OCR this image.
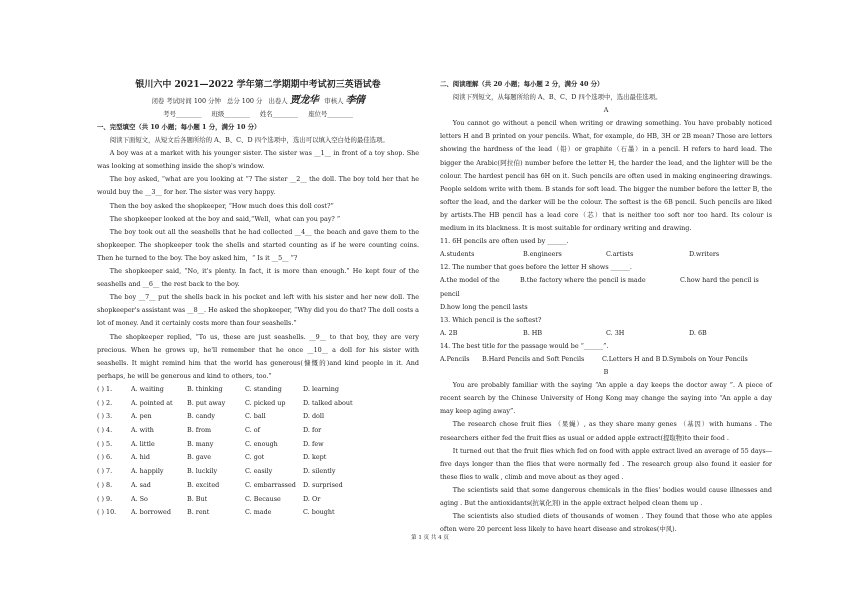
银川六中 2021—2022 学年第二学期期中考试初三英语试卷
闭卷 考试时间 100 分钟 总分 100 分 出卷人 贾龙华 审核人 李倩
考号________ 班级________ 姓名________ 座位号________
一、完型填空（共 10 小题；每小题 1 分，满分 10 分）

阅读下面短文，从短文后各题所给的 A、B、C、D 四个选项中，选出可以填入空白处的最佳选项。

A boy was at a market with his younger sister. The sister was __1__ in front of a toy shop. She was looking at something inside the shop's window.

The boy asked, “what are you looking at ”? The sister __2__ the doll. The boy told her that he would buy the __3__ for her. The sister was very happy.

Then the boy asked the shopkeeper, “How much does this doll cost?”

The shopkeeper looked at the boy and said,“Well，what can you pay? ”

The boy took out all the seashells that he had collected __4__ the beach and gave them to the shopkeeper. The shopkeeper took the shells and started counting as if he were counting coins. Then he turned to the boy. The boy asked him，“ Is it __5__ ”?

The shopkeeper said, “No, it's plenty. In fact, it is more than enough.” He kept four of the seashells and __6__ the rest back to the boy.

The boy __7__ put the shells back in his pocket and left with his sister and her new doll. The shopkeeper's assistant was __8__. He asked the shopkeeper, “Why did you do that? The doll costs a lot of money. And it certainly costs more than four seashells.”

The shopkeeper replied, “To us, these are just seashells. __9__ to that boy, they are very precious. When he grows up, he'll remember that he once __10__ a doll for his sister with seashells. It might remind him that the world has generous(慷慨的)and kind people in it. And perhaps, he will be generous and kind to others, too.”

( ) 1.	A. waiting	B. thinking	C. standing	D. learning
( ) 2.	A. pointed at	B. put away	C. picked up	D. talked about
( ) 3.	A. pen	B. candy	C. ball	D. doll
( ) 4.	A. with	B. from	C. of	D. for
( ) 5.	A. little	B. many	C. enough	D. few
( ) 6.	A. hid	B. gave	C. got	D. kept
( ) 7.	A. happily	B. luckily	C. easily	D. silently
( ) 8.	A. sad	B. excited	C. embarrassed	D. surprised
( ) 9.	A. So	B. But	C. Because	D. Or
( ) 10.	A. borrowed	B. rent	C. made	C. bought
二、阅读理解（共 20 小题；每小题 2 分，满分 40 分）

阅读下列短文，从每题所给的 A、B、C、D 四个选项中，选出最佳选项。

A

You cannot go without a pencil when writing or drawing something. You have probably noticed letters H and B printed on your pencils. What, for example, do HB, 3H or 2B mean? Those are letters showing the hardness of the lead（铅）or graphite（石墨）in a pencil. H refers to hard lead. The bigger the Arabic(阿拉伯) number before the letter H, the harder the lead, and the lighter will be the colour. The hardest pencil has 6H on it. Such pencils are often used in making engineering drawings. People seldom write with them. B stands for soft lead. The bigger the number before the letter B, the softer the lead, and the darker will be the colour. The softest is the 6B pencil. Such pencils are liked by artists.The HB pencil has a lead core（芯）that is neither too soft nor too hard. Its colour is medium in its blackness. It is most suitable for ordinary writing and drawing.

11. 6H pencils are often used by ______.
A.students	B.engineers	C.artists	D.writers
12. The number that goes before the letter H shows ______.
A.the model of the pencil
B.the factory where the pencil is made	C.how hard the pencil is
D.how long the pencil lasts
13. Which pencil is the softest?
A. 2B	B. HB	C. 3H	D. 6B
14. The best title for the passage would be “______”.
A.Pencils	B.Hard Pencils and Soft Pencils	C.Letters H and B D.Symbols on Your Pencils

B

You are probably familiar with the saying “An apple a day keeps the doctor away ”. A piece of recent search by the Chinese University of Hong Kong may change the saying into “An apple a day may keep aging away”.

The research chose fruit flies （果蝇）, as they share many genes （基因）with humans . The researchers either fed the fruit flies as usual or added apple extract(提取物)to their food .

It turned out that the fruit flies which fed on food with apple extract lived an average of 55 days—five days longer than the flies that were normally fed . The research group also found it easier for these flies to walk , climb and move about as they aged .

The scientists said that some dangerous chemicals in the flies' bodies would cause illnesses and aging . But the antioxidants(抗氧化剂) in the apple extract helped clean them up .

The scientists also studied diets of thousands of women . They found that those who ate apples often were 20 percent less likely to have heart disease and strokes(中风).

第 1 页 共 4 页
